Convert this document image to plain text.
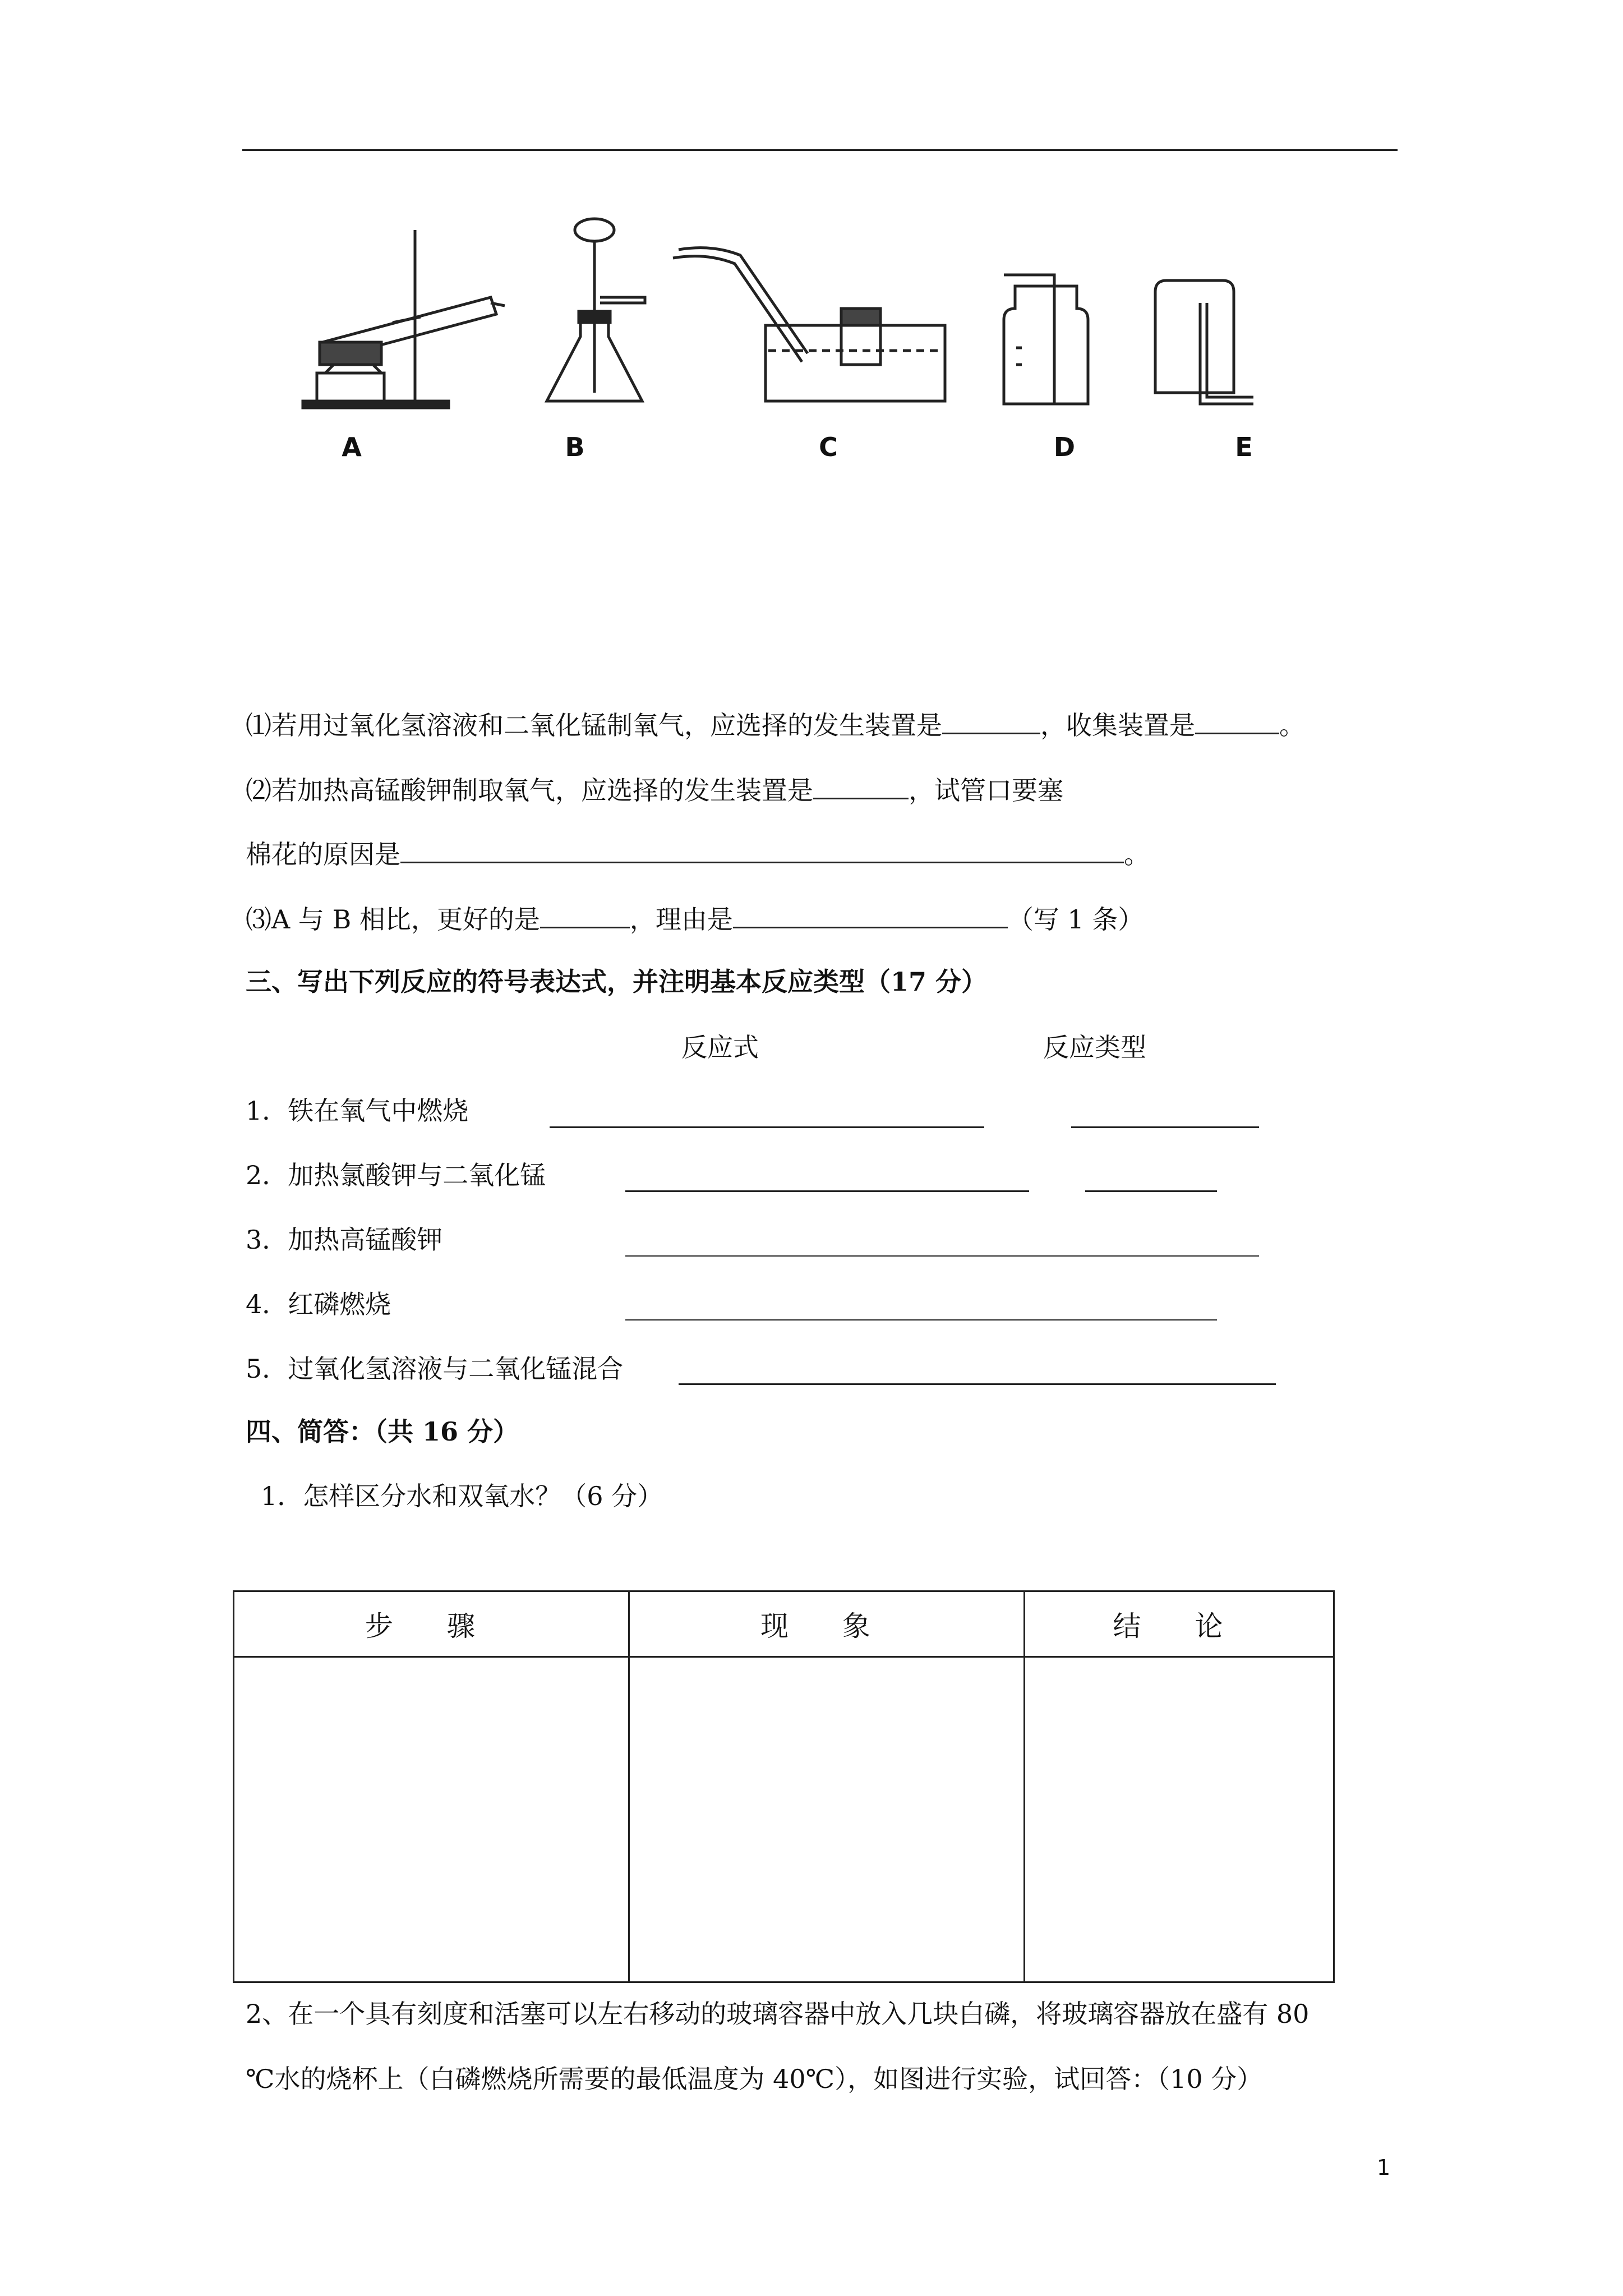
A	B	C	D	E
⑴若用过氧化氢溶液和二氧化锰制氧气，应选择的发生装置是	，收集装置是	。
⑵若加热高锰酸钾制取氧气，应选择的发生装置是	，试管口要塞
棉花的原因是	。
⑶A 与 B 相比，更好的是	，理由是	（写 1 条）
三、写出下列反应的符号表达式，并注明基本反应类型（17 分）
反应式	反应类型
1．铁在氧气中燃烧
2．加热氯酸钾与二氧化锰
3．加热高锰酸钾
4．红磷燃烧
5．过氧化氢溶液与二氧化锰混合
四、简答：（共 16 分）
1．怎样区分水和双氧水？（6 分）
步 骤	现 象	结 论

2、在一个具有刻度和活塞可以左右移动的玻璃容器中放入几块白磷，将玻璃容器放在盛有 80
℃水的烧杯上（白磷燃烧所需要的最低温度为 40℃），如图进行实验，试回答：（10 分）
1
